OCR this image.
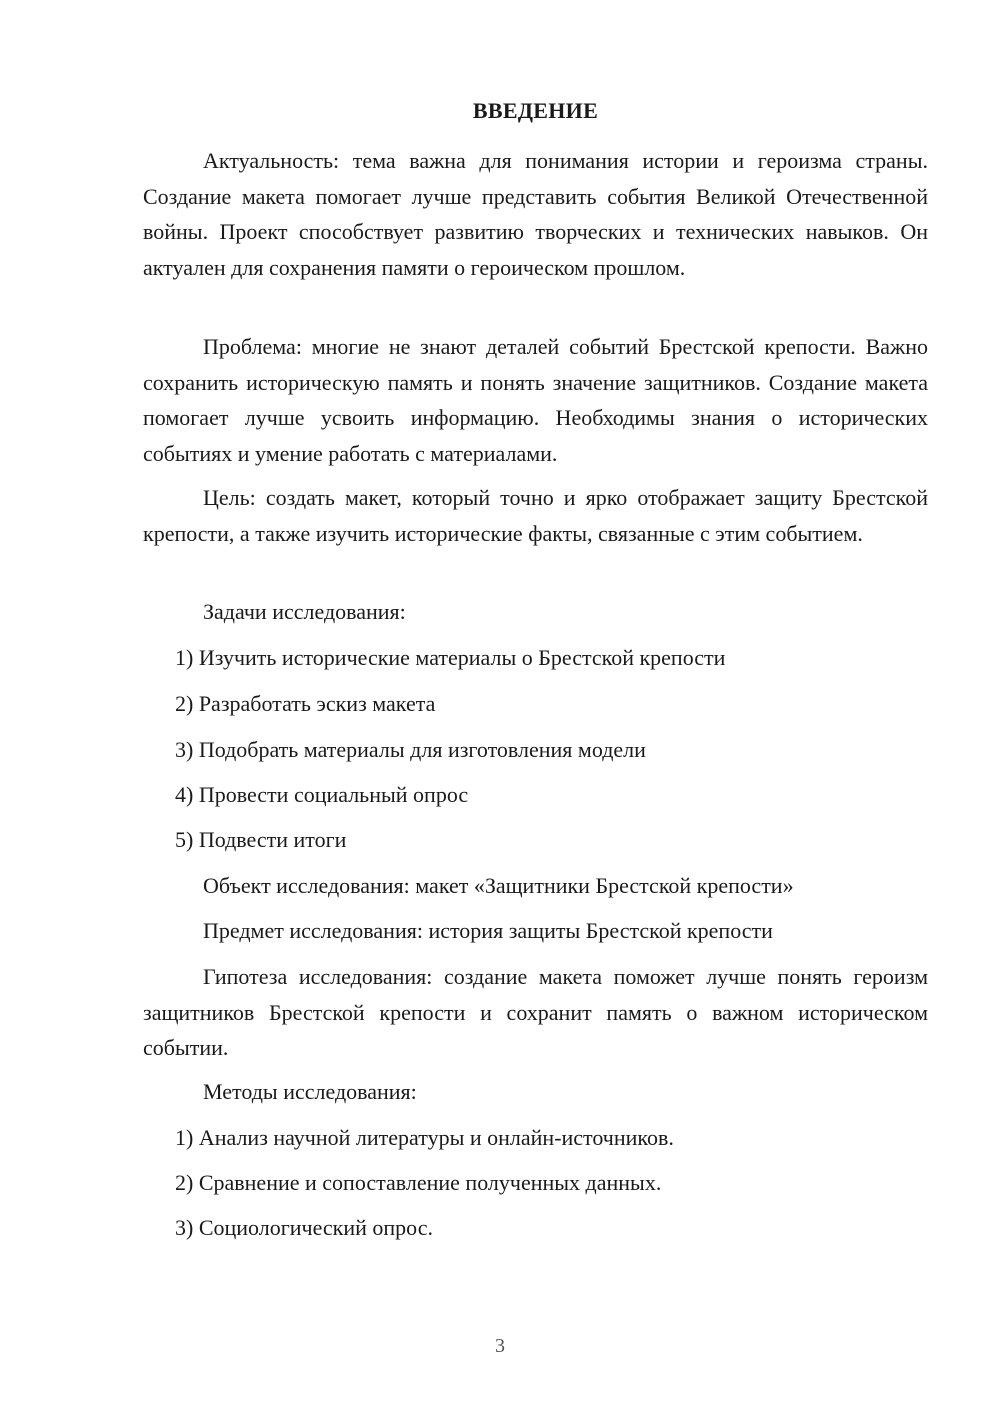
ВВЕДЕНИЕ

Актуальность: тема важна для понимания истории и героизма страны. Создание макета помогает лучше представить события Великой Отечественной войны. Проект способствует развитию творческих и технических навыков. Он актуален для сохранения памяти о героическом прошлом.

Проблема: многие не знают деталей событий Брестской крепости. Важно сохранить историческую память и понять значение защитников. Создание макета помогает лучше усвоить информацию. Необходимы знания о исторических событиях и умение работать с материалами.

Цель: создать макет, который точно и ярко отображает защиту Брестской крепости, а также изучить исторические факты, связанные с этим событием.

Задачи исследования:
1) Изучить исторические материалы о Брестской крепости
2) Разработать эскиз макета
3) Подобрать материалы для изготовления модели
4) Провести социальный опрос
5) Подвести итоги
Объект исследования: макет «Защитники Брестской крепости»
Предмет исследования: история защиты Брестской крепости

Гипотеза исследования: создание макета поможет лучше понять героизм защитников Брестской крепости и сохранит память о важном историческом событии.

Методы исследования:
1) Анализ научной литературы и онлайн-источников.
2) Сравнение и сопоставление полученных данных.
3) Социологический опрос.
3
